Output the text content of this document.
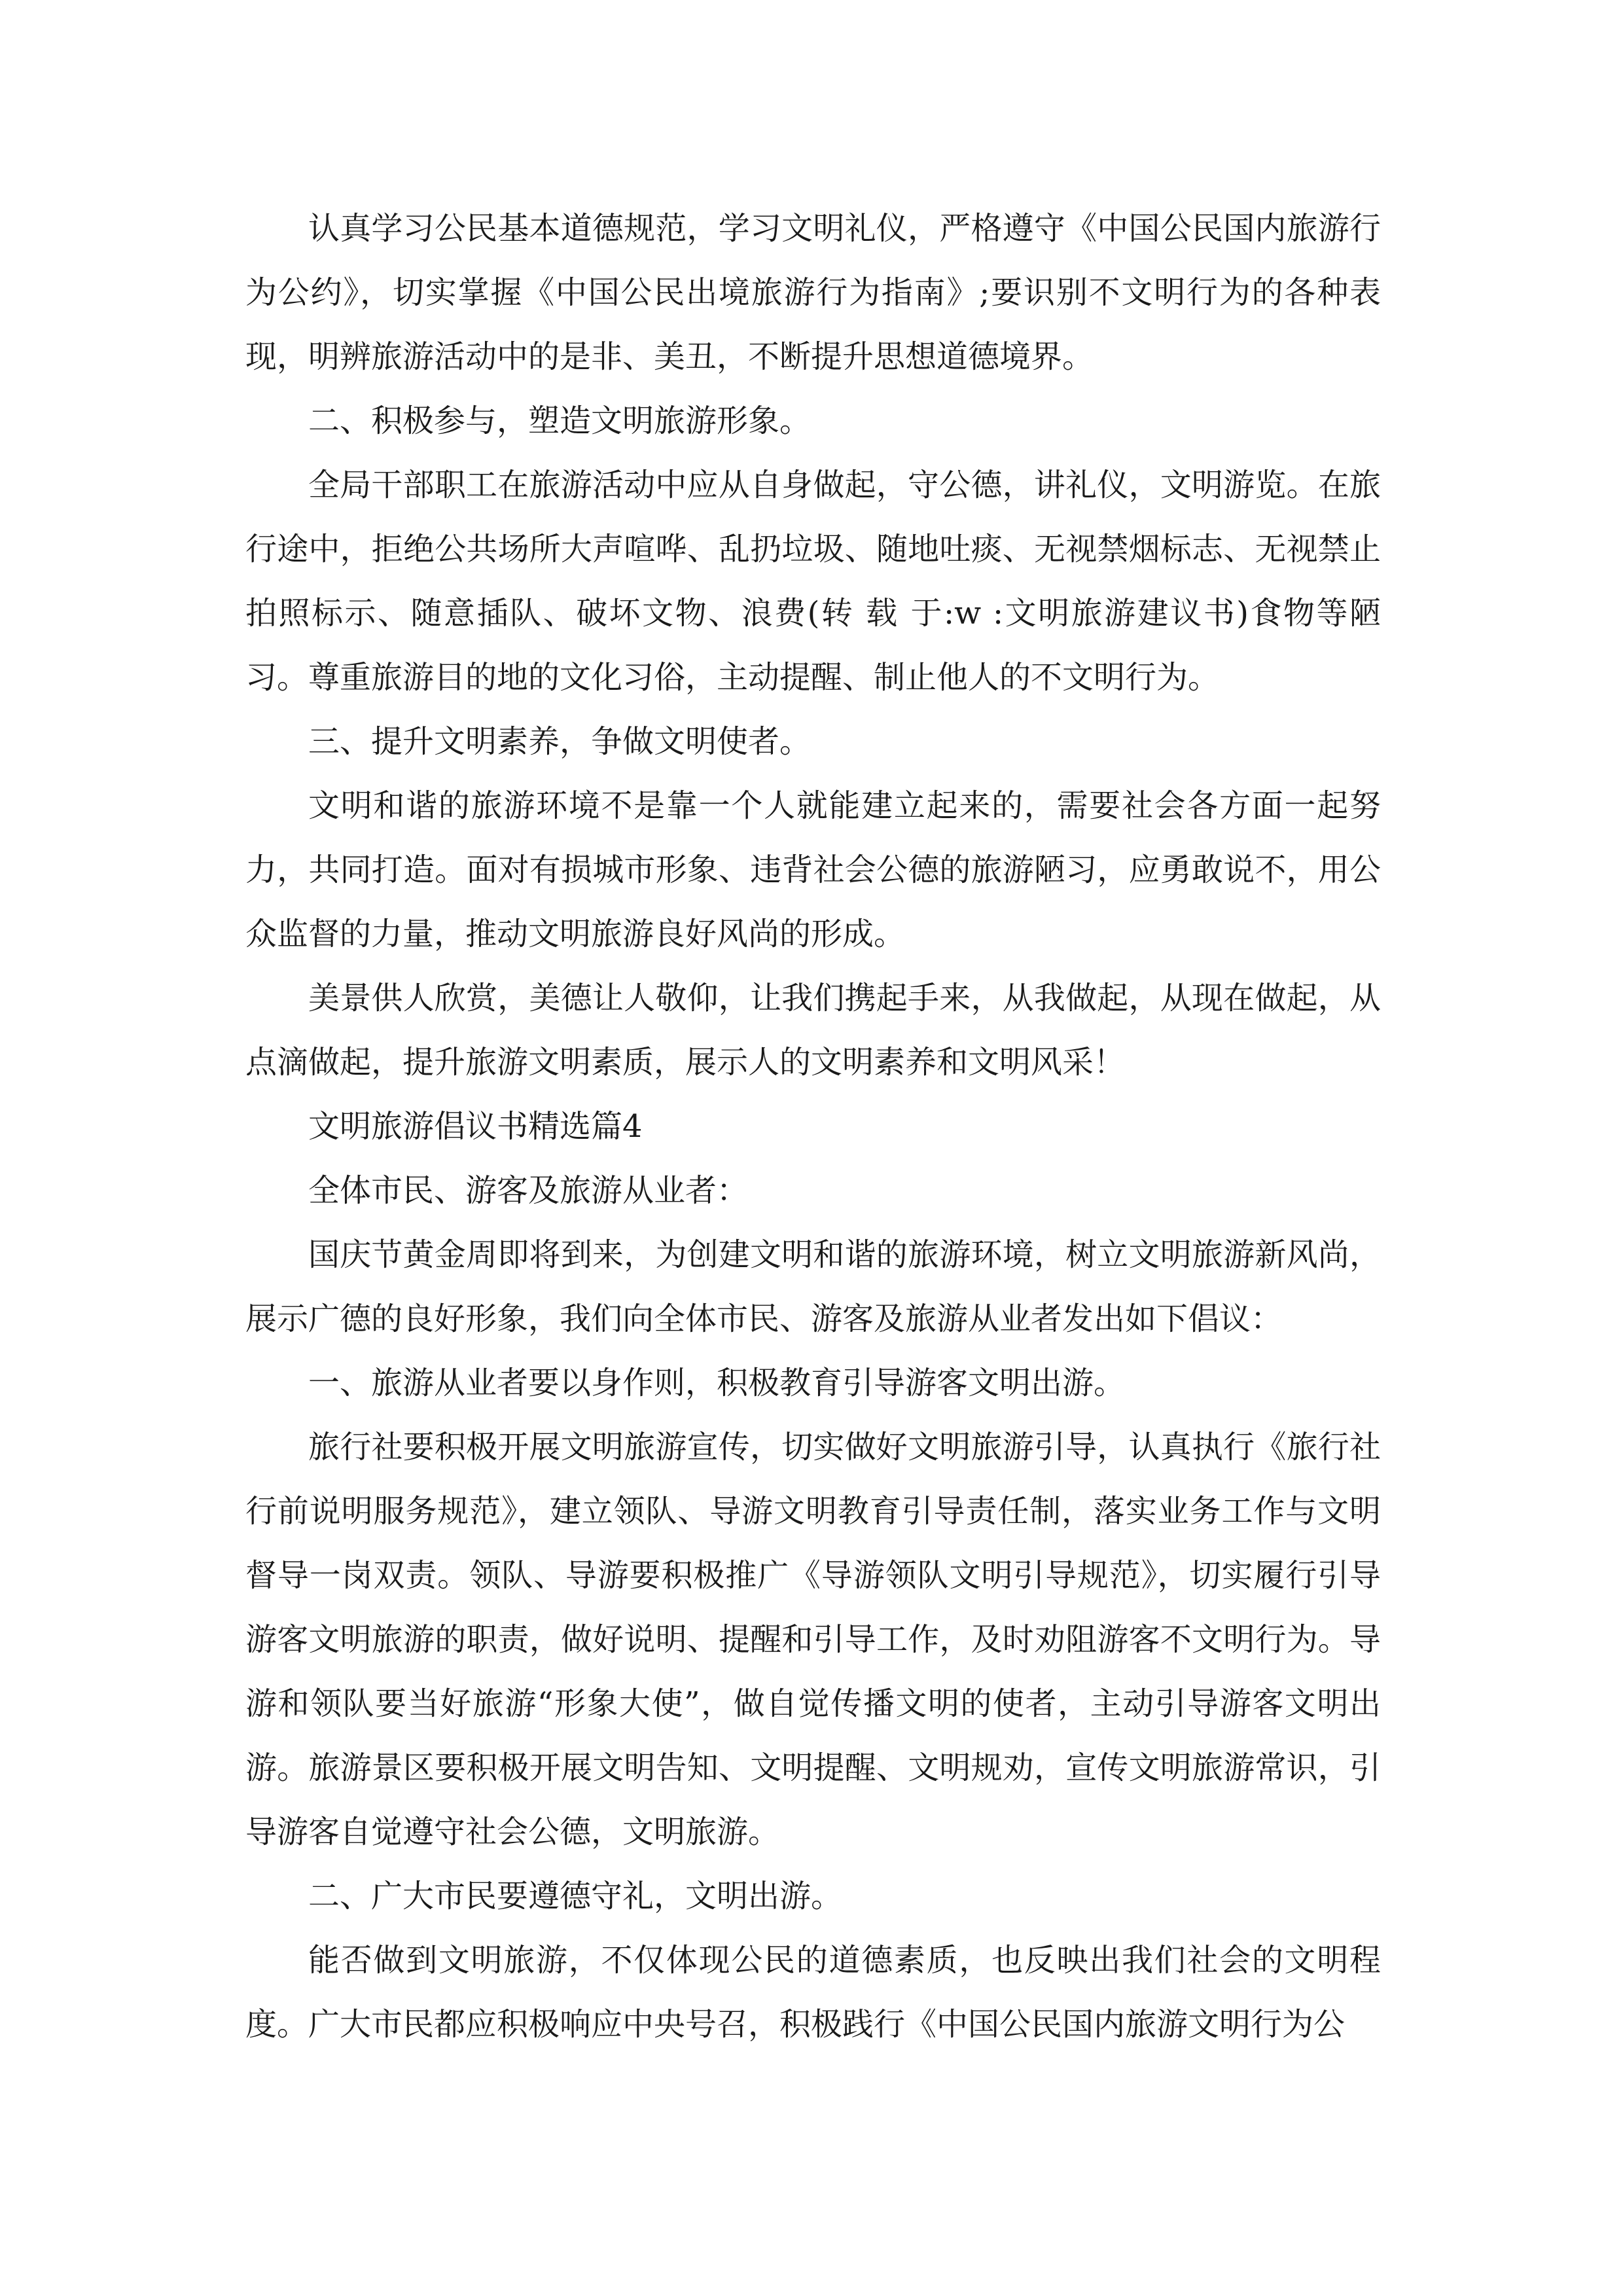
认真学习公民基本道德规范，学习文明礼仪，严格遵守《中国公民国内旅游行为公约》，切实掌握《中国公民出境旅游行为指南》;要识别不文明行为的各种表现，明辨旅游活动中的是非、美丑，不断提升思想道德境界。

二、积极参与，塑造文明旅游形象。

全局干部职工在旅游活动中应从自身做起，守公德，讲礼仪，文明游览。在旅行途中，拒绝公共场所大声喧哗、乱扔垃圾、随地吐痰、无视禁烟标志、无视禁止拍照标示、随意插队、破坏文物、浪费(转 载 于:w :文明旅游建议书)食物等陋习。尊重旅游目的地的文化习俗，主动提醒、制止他人的不文明行为。

三、提升文明素养，争做文明使者。

文明和谐的旅游环境不是靠一个人就能建立起来的，需要社会各方面一起努力，共同打造。面对有损城市形象、违背社会公德的旅游陋习，应勇敢说不，用公众监督的力量，推动文明旅游良好风尚的形成。

美景供人欣赏，美德让人敬仰，让我们携起手来，从我做起，从现在做起，从点滴做起，提升旅游文明素质，展示人的文明素养和文明风采！

文明旅游倡议书精选篇4

全体市民、游客及旅游从业者：

国庆节黄金周即将到来，为创建文明和谐的旅游环境，树立文明旅游新风尚，展示广德的良好形象，我们向全体市民、游客及旅游从业者发出如下倡议：

一、旅游从业者要以身作则，积极教育引导游客文明出游。

旅行社要积极开展文明旅游宣传，切实做好文明旅游引导，认真执行《旅行社行前说明服务规范》，建立领队、导游文明教育引导责任制，落实业务工作与文明督导一岗双责。领队、导游要积极推广《导游领队文明引导规范》，切实履行引导游客文明旅游的职责，做好说明、提醒和引导工作，及时劝阻游客不文明行为。导游和领队要当好旅游“形象大使”，做自觉传播文明的使者，主动引导游客文明出游。旅游景区要积极开展文明告知、文明提醒、文明规劝，宣传文明旅游常识，引导游客自觉遵守社会公德，文明旅游。

二、广大市民要遵德守礼，文明出游。

能否做到文明旅游，不仅体现公民的道德素质，也反映出我们社会的文明程度。广大市民都应积极响应中央号召，积极践行《中国公民国内旅游文明行为公
